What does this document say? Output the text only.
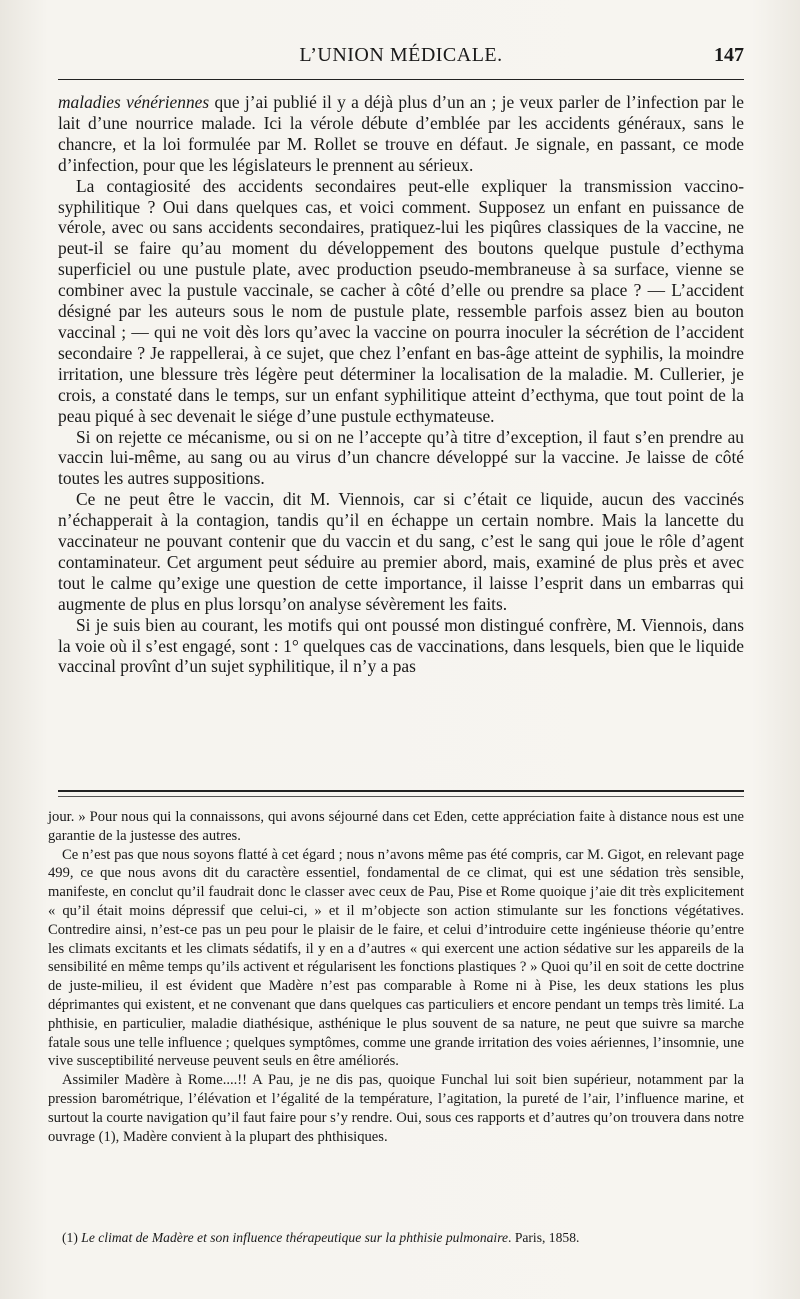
L’UNION MÉDICALE.	147

maladies vénériennes que j’ai publié il y a déjà plus d’un an ; je veux parler de l’infection par le lait d’une nourrice malade. Ici la vérole débute d’emblée par les accidents généraux, sans le chancre, et la loi formulée par M. Rollet se trouve en défaut. Je signale, en passant, ce mode d’infection, pour que les législateurs le prennent au sérieux.

La contagiosité des accidents secondaires peut-elle expliquer la transmission vaccino-syphilitique ? Oui dans quelques cas, et voici comment. Supposez un enfant en puissance de vérole, avec ou sans accidents secondaires, pratiquez-lui les piqûres classiques de la vaccine, ne peut-il se faire qu’au moment du développement des boutons quelque pustule d’ecthyma superficiel ou une pustule plate, avec production pseudo-membraneuse à sa surface, vienne se combiner avec la pustule vaccinale, se cacher à côté d’elle ou prendre sa place ? — L’accident désigné par les auteurs sous le nom de pustule plate, ressemble parfois assez bien au bouton vaccinal ; — qui ne voit dès lors qu’avec la vaccine on pourra inoculer la sécrétion de l’accident secondaire ? Je rappellerai, à ce sujet, que chez l’enfant en bas-âge atteint de syphilis, la moindre irritation, une blessure très légère peut déterminer la localisation de la maladie. M. Cullerier, je crois, a constaté dans le temps, sur un enfant syphilitique atteint d’ecthyma, que tout point de la peau piqué à sec devenait le siége d’une pustule ecthymateuse.

Si on rejette ce mécanisme, ou si on ne l’accepte qu’à titre d’exception, il faut s’en prendre au vaccin lui-même, au sang ou au virus d’un chancre développé sur la vaccine. Je laisse de côté toutes les autres suppositions.

Ce ne peut être le vaccin, dit M. Viennois, car si c’était ce liquide, aucun des vaccinés n’échapperait à la contagion, tandis qu’il en échappe un certain nombre. Mais la lancette du vaccinateur ne pouvant contenir que du vaccin et du sang, c’est le sang qui joue le rôle d’agent contaminateur. Cet argument peut séduire au premier abord, mais, examiné de plus près et avec tout le calme qu’exige une question de cette importance, il laisse l’esprit dans un embarras qui augmente de plus en plus lorsqu’on analyse sévèrement les faits.

Si je suis bien au courant, les motifs qui ont poussé mon distingué confrère, M. Viennois, dans la voie où il s’est engagé, sont : 1° quelques cas de vaccinations, dans lesquels, bien que le liquide vaccinal provînt d’un sujet syphilitique, il n’y a pas

jour. » Pour nous qui la connaissons, qui avons séjourné dans cet Eden, cette appréciation faite à distance nous est une garantie de la justesse des autres.

Ce n’est pas que nous soyons flatté à cet égard ; nous n’avons même pas été compris, car M. Gigot, en relevant page 499, ce que nous avons dit du caractère essentiel, fondamental de ce climat, qui est une sédation très sensible, manifeste, en conclut qu’il faudrait donc le classer avec ceux de Pau, Pise et Rome quoique j’aie dit très explicitement « qu’il était moins dépressif que celui-ci, » et il m’objecte son action stimulante sur les fonctions végétatives. Contredire ainsi, n’est-ce pas un peu pour le plaisir de le faire, et celui d’introduire cette ingénieuse théorie qu’entre les climats excitants et les climats sédatifs, il y en a d’autres « qui exercent une action sédative sur les appareils de la sensibilité en même temps qu’ils activent et régularisent les fonctions plastiques ? » Quoi qu’il en soit de cette doctrine de juste-milieu, il est évident que Madère n’est pas comparable à Rome ni à Pise, les deux stations les plus déprimantes qui existent, et ne convenant que dans quelques cas particuliers et encore pendant un temps très limité. La phthisie, en particulier, maladie diathésique, asthénique le plus souvent de sa nature, ne peut que suivre sa marche fatale sous une telle influence ; quelques symptômes, comme une grande irritation des voies aériennes, l’insomnie, une vive susceptibilité nerveuse peuvent seuls en être améliorés.

Assimiler Madère à Rome....!! A Pau, je ne dis pas, quoique Funchal lui soit bien supérieur, notamment par la pression barométrique, l’élévation et l’égalité de la température, l’agitation, la pureté de l’air, l’influence marine, et surtout la courte navigation qu’il faut faire pour s’y rendre. Oui, sous ces rapports et d’autres qu’on trouvera dans notre ouvrage (1), Madère convient à la plupart des phthisiques.

(1) Le climat de Madère et son influence thérapeutique sur la phthisie pulmonaire. Paris, 1858.
